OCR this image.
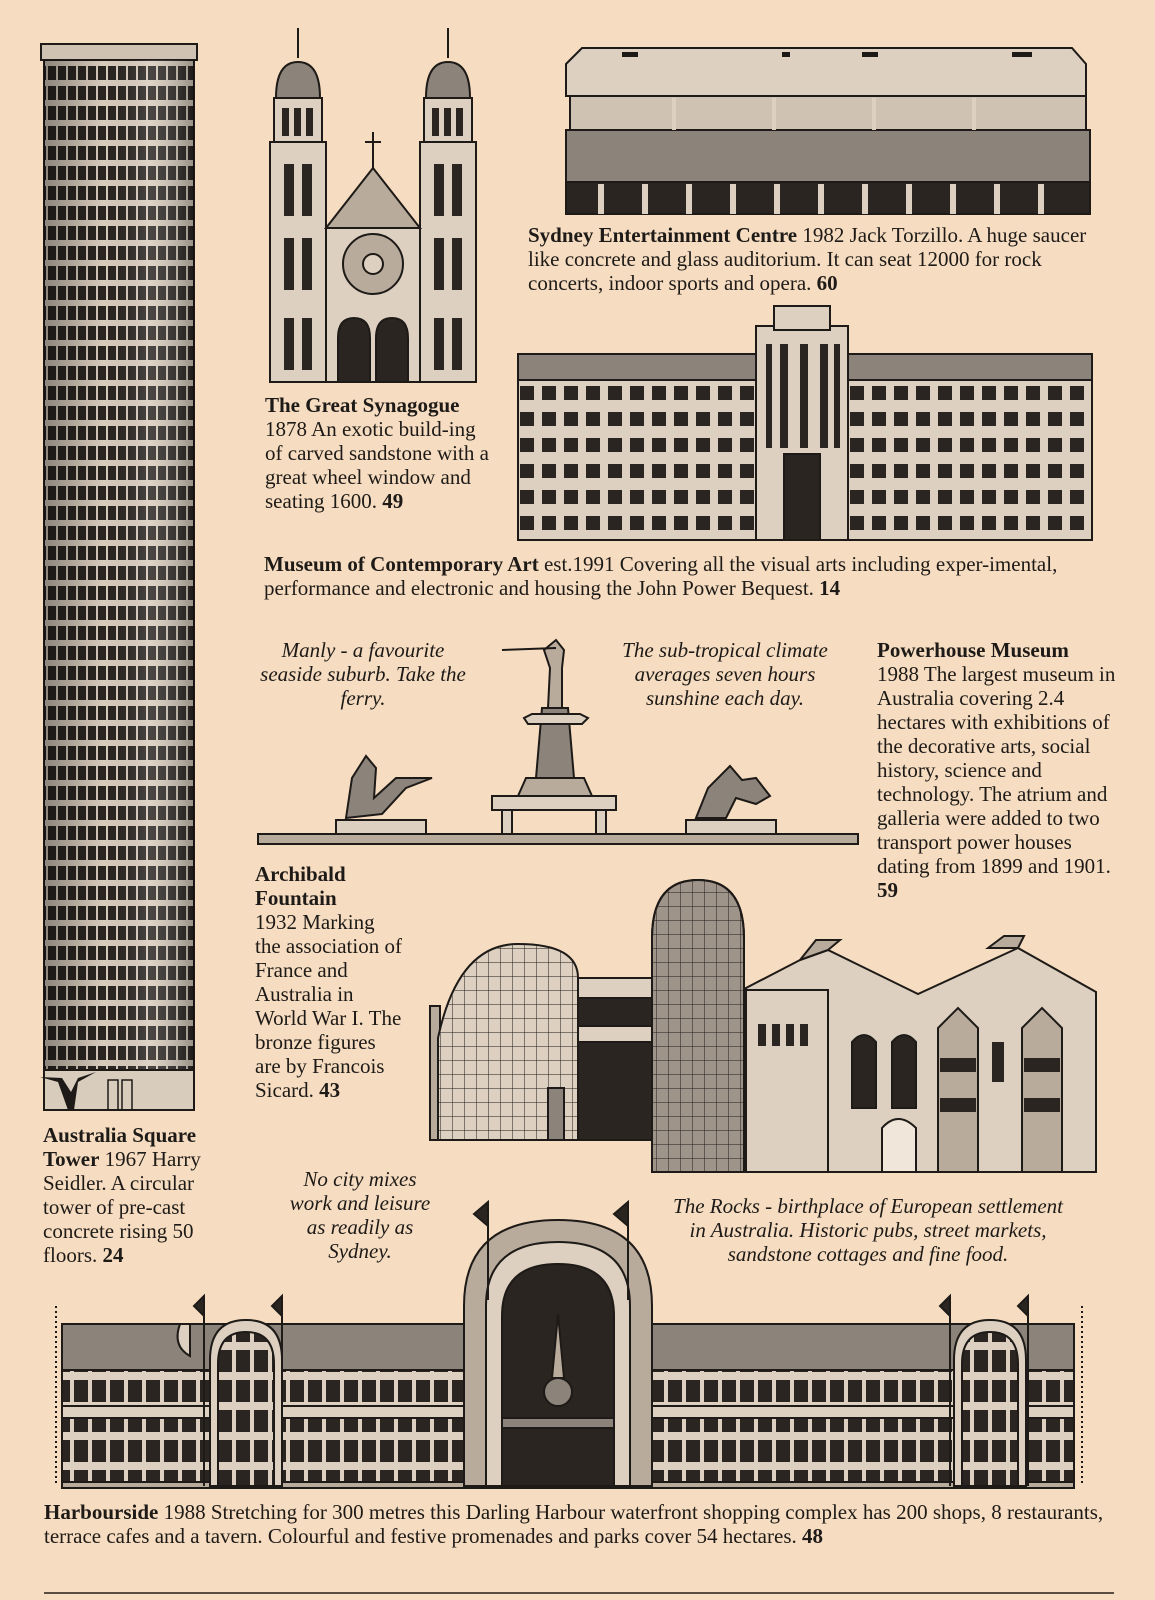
Sydney Entertainment Centre 1982 Jack Torzillo. A huge saucer like concrete and glass auditorium. It can seat 12000 for rock concerts, indoor sports and opera. 60
The Great Synagogue
1878 An exotic build-ing of carved sandstone with a great wheel window and seating 1600. 49
Museum of Contemporary Art est.1991 Covering all the visual arts including exper-imental, performance and electronic and housing the John Power Bequest. 14
Manly - a favourite seaside suburb. Take the ferry.
The sub-tropical climate averages seven hours sunshine each day.
Powerhouse Museum
1988 The largest museum in Australia covering 2.4 hectares with exhibitions of the decorative arts, social history, science and technology. The atrium and galleria were added to two transport power houses dating from 1899 and 1901. 59
Archibald Fountain
1932 Marking the association of France and Australia in World War I. The bronze figures are by Francois Sicard. 43
Australia Square Tower 1967 Harry Seidler. A circular tower of pre-cast concrete rising 50 floors. 24
No city mixes work and leisure as readily as Sydney.
The Rocks - birthplace of European settlement in Australia. Historic pubs, street markets, sandstone cottages and fine food.
Harbourside 1988 Stretching for 300 metres this Darling Harbour waterfront shopping complex has 200 shops, 8 restaurants, terrace cafes and a tavern. Colourful and festive promenades and parks cover 54 hectares. 48
